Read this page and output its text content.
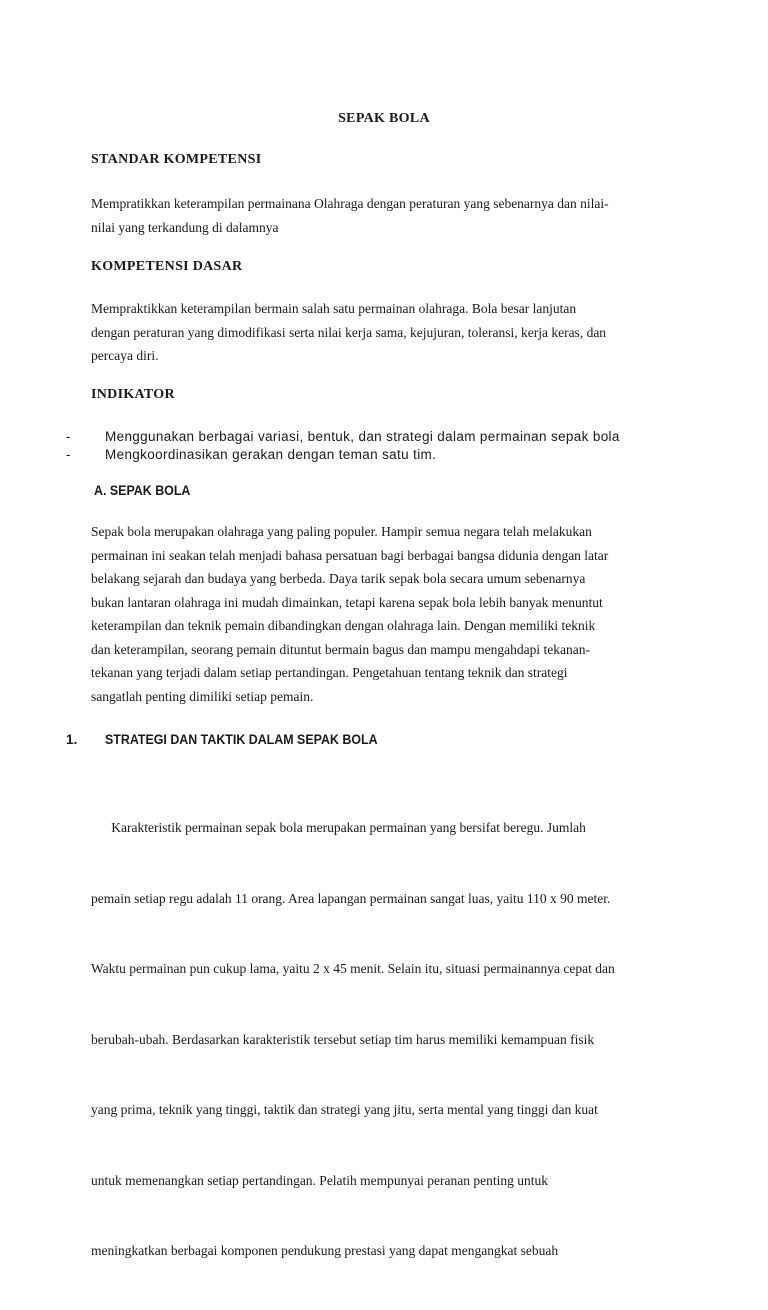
SEPAK BOLA
STANDAR KOMPETENSI
Mempratikkan keterampilan permainana Olahraga dengan peraturan yang sebenarnya dan nilai-
nilai yang terkandung di dalamnya
KOMPETENSI DASAR
Mempraktikkan keterampilan bermain salah satu permainan olahraga. Bola besar lanjutan
dengan peraturan yang dimodifikasi serta nilai kerja sama, kejujuran, toleransi, kerja keras, dan
percaya diri.
INDIKATOR
-	Menggunakan berbagai variasi, bentuk, dan strategi dalam permainan sepak bola
-	Mengkoordinasikan gerakan dengan teman satu tim.
A. SEPAK BOLA
Sepak bola merupakan olahraga yang paling populer. Hampir semua negara telah melakukan
permainan ini seakan telah menjadi bahasa persatuan bagi berbagai bangsa didunia dengan latar
belakang sejarah dan budaya yang berbeda. Daya tarik sepak bola secara umum sebenarnya
bukan lantaran olahraga ini mudah dimainkan, tetapi karena sepak bola lebih banyak menuntut
keterampilan dan teknik pemain dibandingkan dengan olahraga lain. Dengan memiliki teknik
dan keterampilan, seorang pemain dituntut bermain bagus dan mampu mengahdapi tekanan-
tekanan yang terjadi dalam setiap pertandingan. Pengetahuan tentang teknik dan strategi
sangatlah penting dimiliki setiap pemain.
1. STRATEGI DAN TAKTIK DALAM SEPAK BOLA

Karakteristik permainan sepak bola merupakan permainan yang bersifat beregu. Jumlah

pemain setiap regu adalah 11 orang. Area lapangan permainan sangat luas, yaitu 110 x 90 meter.

Waktu permainan pun cukup lama, yaitu 2 x 45 menit. Selain itu, situasi permainannya cepat dan

berubah-ubah. Berdasarkan karakteristik tersebut setiap tim harus memiliki kemampuan fisik

yang prima, teknik yang tinggi, taktik dan strategi yang jitu, serta mental yang tinggi dan kuat

untuk memenangkan setiap pertandingan. Pelatih mempunyai peranan penting untuk

meningkatkan berbagai komponen pendukung prestasi yang dapat mengangkat sebuah
